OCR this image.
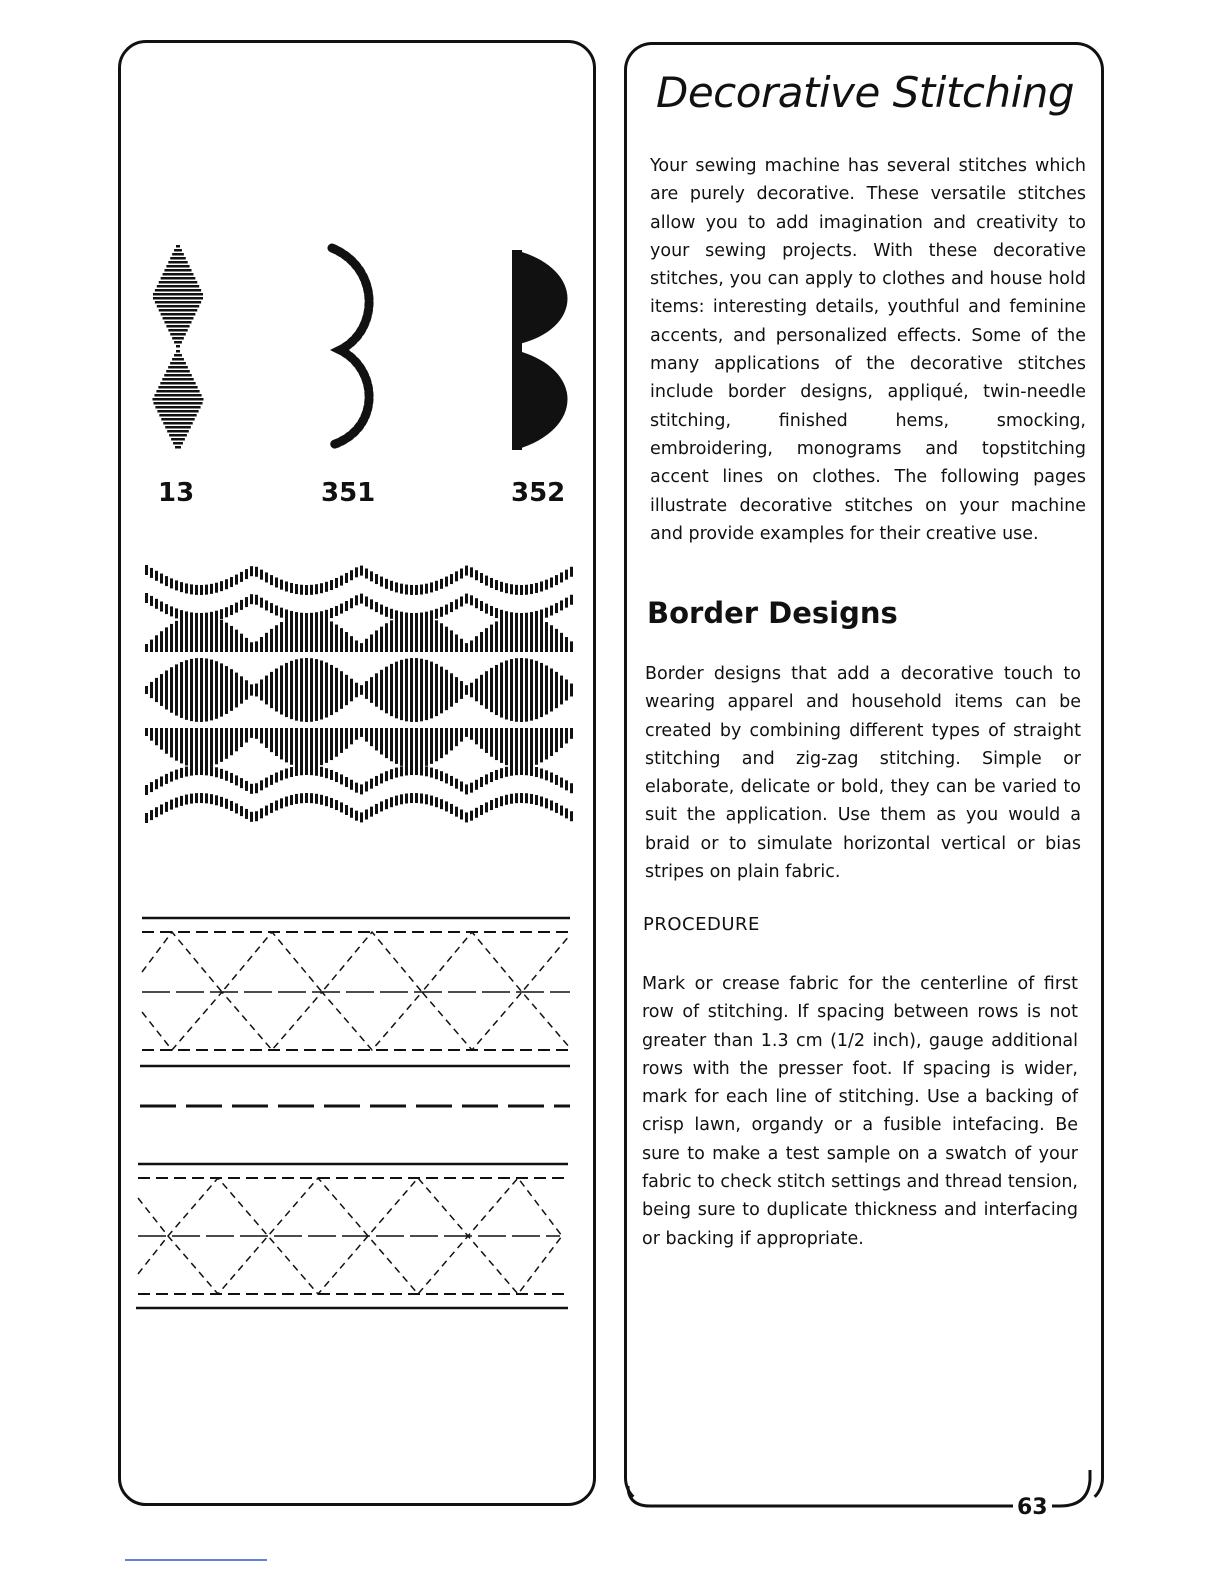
13	351	352
Decorative Stitching

Your sewing machine has several stitches which are purely decorative. These versatile stitches allow you to add imagination and creativity to your sewing projects. With these decorative stitches, you can apply to clothes and house hold items: interesting details, youthful and feminine accents, and personalized effects. Some of the many applications of the decorative stitches include border designs, appliqué, twin-needle stitching, finished hems, smocking, embroidering, monograms and topstitching accent lines on clothes. The following pages illustrate decorative stitches on your machine and provide examples for their creative use.

Border Designs

Border designs that add a decorative touch to wearing apparel and household items can be created by combining different types of straight stitching and zig-zag stitching. Simple or elaborate, delicate or bold, they can be varied to suit the application. Use them as you would a braid or to simulate horizontal vertical or bias stripes on plain fabric.

PROCEDURE

Mark or crease fabric for the centerline of first row of stitching. If spacing between rows is not greater than 1.3 cm (1/2 inch), gauge additional rows with the presser foot. If spacing is wider, mark for each line of stitching. Use a backing of crisp lawn, organdy or a fusible intefacing. Be sure to make a test sample on a swatch of your fabric to check stitch settings and thread tension, being sure to duplicate thickness and interfacing or backing if appropriate.

63
